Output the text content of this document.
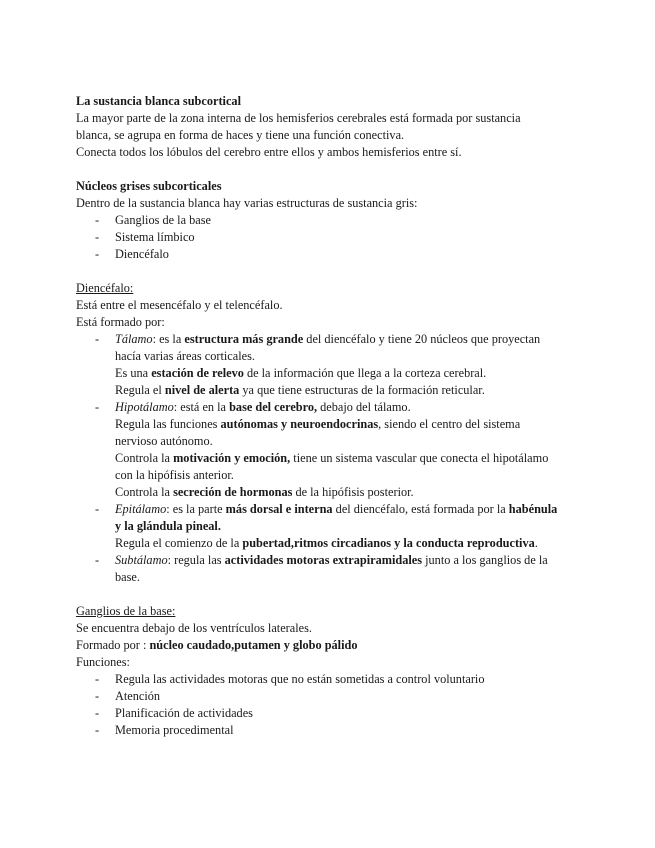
La sustancia blanca subcortical
La mayor parte de la zona interna de los hemisferios cerebrales está formada por sustancia
blanca, se agrupa en forma de haces y tiene una función conectiva.
Conecta todos los lóbulos del cerebro entre ellos y ambos hemisferios entre sí.
Núcleos grises subcorticales
Dentro de la sustancia blanca hay varias estructuras de sustancia gris:
- Ganglios de la base
- Sistema límbico
- Diencéfalo
Diencéfalo:
Está entre el mesencéfalo y el telencéfalo.
Está formado por:
- Tálamo: es la estructura más grande del diencéfalo y tiene 20 núcleos que proyectan
hacía varias áreas corticales.
Es una estación de relevo de la información que llega a la corteza cerebral.
Regula el nivel de alerta ya que tiene estructuras de la formación reticular.
- Hipotálamo: está en la base del cerebro, debajo del tálamo.
Regula las funciones autónomas y neuroendocrinas, siendo el centro del sistema
nervioso autónomo.
Controla la motivación y emoción, tiene un sistema vascular que conecta el hipotálamo
con la hipófisis anterior.
Controla la secreción de hormonas de la hipófisis posterior.
- Epitálamo: es la parte más dorsal e interna del diencéfalo, está formada por la habénula
y la glándula pineal.
Regula el comienzo de la pubertad,ritmos circadianos y la conducta reproductiva.
- Subtálamo: regula las actividades motoras extrapiramidales junto a los ganglios de la
base.
Ganglios de la base:
Se encuentra debajo de los ventrículos laterales.
Formado por : núcleo caudado,putamen y globo pálido
Funciones:
- Regula las actividades motoras que no están sometidas a control voluntario
- Atención
- Planificación de actividades
- Memoria procedimental
